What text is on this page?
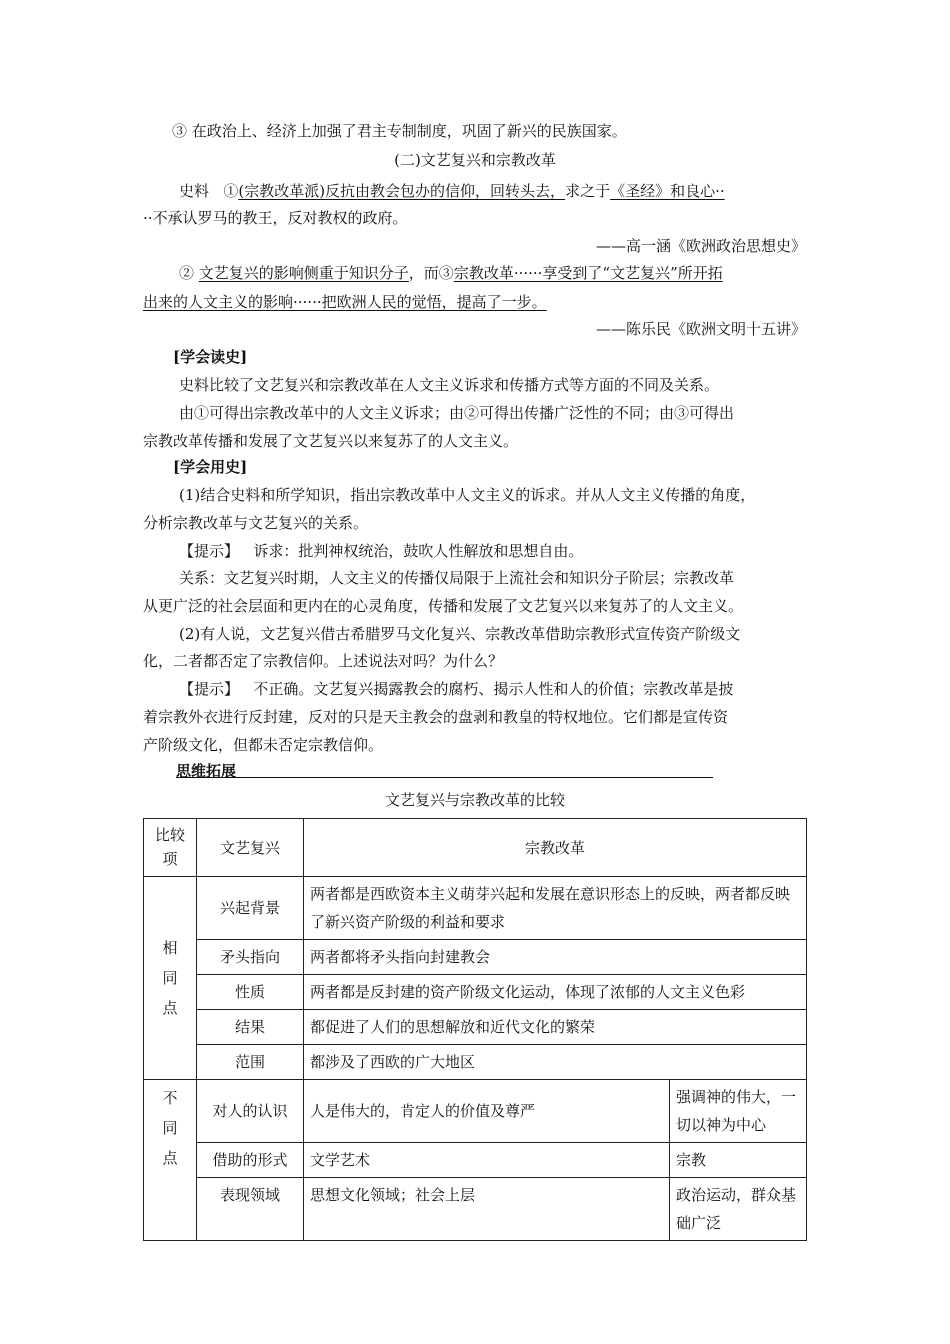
③ 在政治上、经济上加强了君主专制制度，巩固了新兴的民族国家。
(二)文艺复兴和宗教改革
史料 ①(宗教改革派)反抗由教会包办的信仰，回转头去，求之于《圣经》和良心··
··不承认罗马的教王，反对教权的政府。
——高一涵《欧洲政治思想史》
② 文艺复兴的影响侧重于知识分子，而③宗教改革······享受到了“文艺复兴”所开拓
出来的人文主义的影响······把欧洲人民的觉悟，提高了一步。
——陈乐民《欧洲文明十五讲》
[学会读史]
史料比较了文艺复兴和宗教改革在人文主义诉求和传播方式等方面的不同及关系。
由①可得出宗教改革中的人文主义诉求；由②可得出传播广泛性的不同；由③可得出
宗教改革传播和发展了文艺复兴以来复苏了的人文主义。
[学会用史]
(1)结合史料和所学知识，指出宗教改革中人文主义的诉求。并从人文主义传播的角度，
分析宗教改革与文艺复兴的关系。
【提示】 诉求：批判神权统治，鼓吹人性解放和思想自由。
关系：文艺复兴时期，人文主义的传播仅局限于上流社会和知识分子阶层；宗教改革
从更广泛的社会层面和更内在的心灵角度，传播和发展了文艺复兴以来复苏了的人文主义。
(2)有人说，文艺复兴借古希腊罗马文化复兴、宗教改革借助宗教形式宣传资产阶级文
化，二者都否定了宗教信仰。上述说法对吗？为什么？
【提示】 不正确。文艺复兴揭露教会的腐朽、揭示人性和人的价值；宗教改革是披
着宗教外衣进行反封建，反对的只是天主教会的盘剥和教皇的特权地位。它们都是宣传资
产阶级文化，但都未否定宗教信仰。
思维拓展
文艺复兴与宗教改革的比较
比较项	文艺复兴	宗教改革	
相同点	兴起背景	两者都是西欧资本主义萌芽兴起和发展在意识形态上的反映，两者都反映了新兴资产阶级的利益和要求	
	矛头指向	两者都将矛头指向封建教会	
	性质	两者都是反封建的资产阶级文化运动，体现了浓郁的人文主义色彩	
	结果	都促进了人们的思想解放和近代文化的繁荣	
	范围	都涉及了西欧的广大地区	
不同点	对人的认识	人是伟大的，肯定人的价值及尊严	强调神的伟大，一切以神为中心
	借助的形式	文学艺术	宗教
	表现领域	思想文化领域；社会上层	政治运动，群众基础广泛
